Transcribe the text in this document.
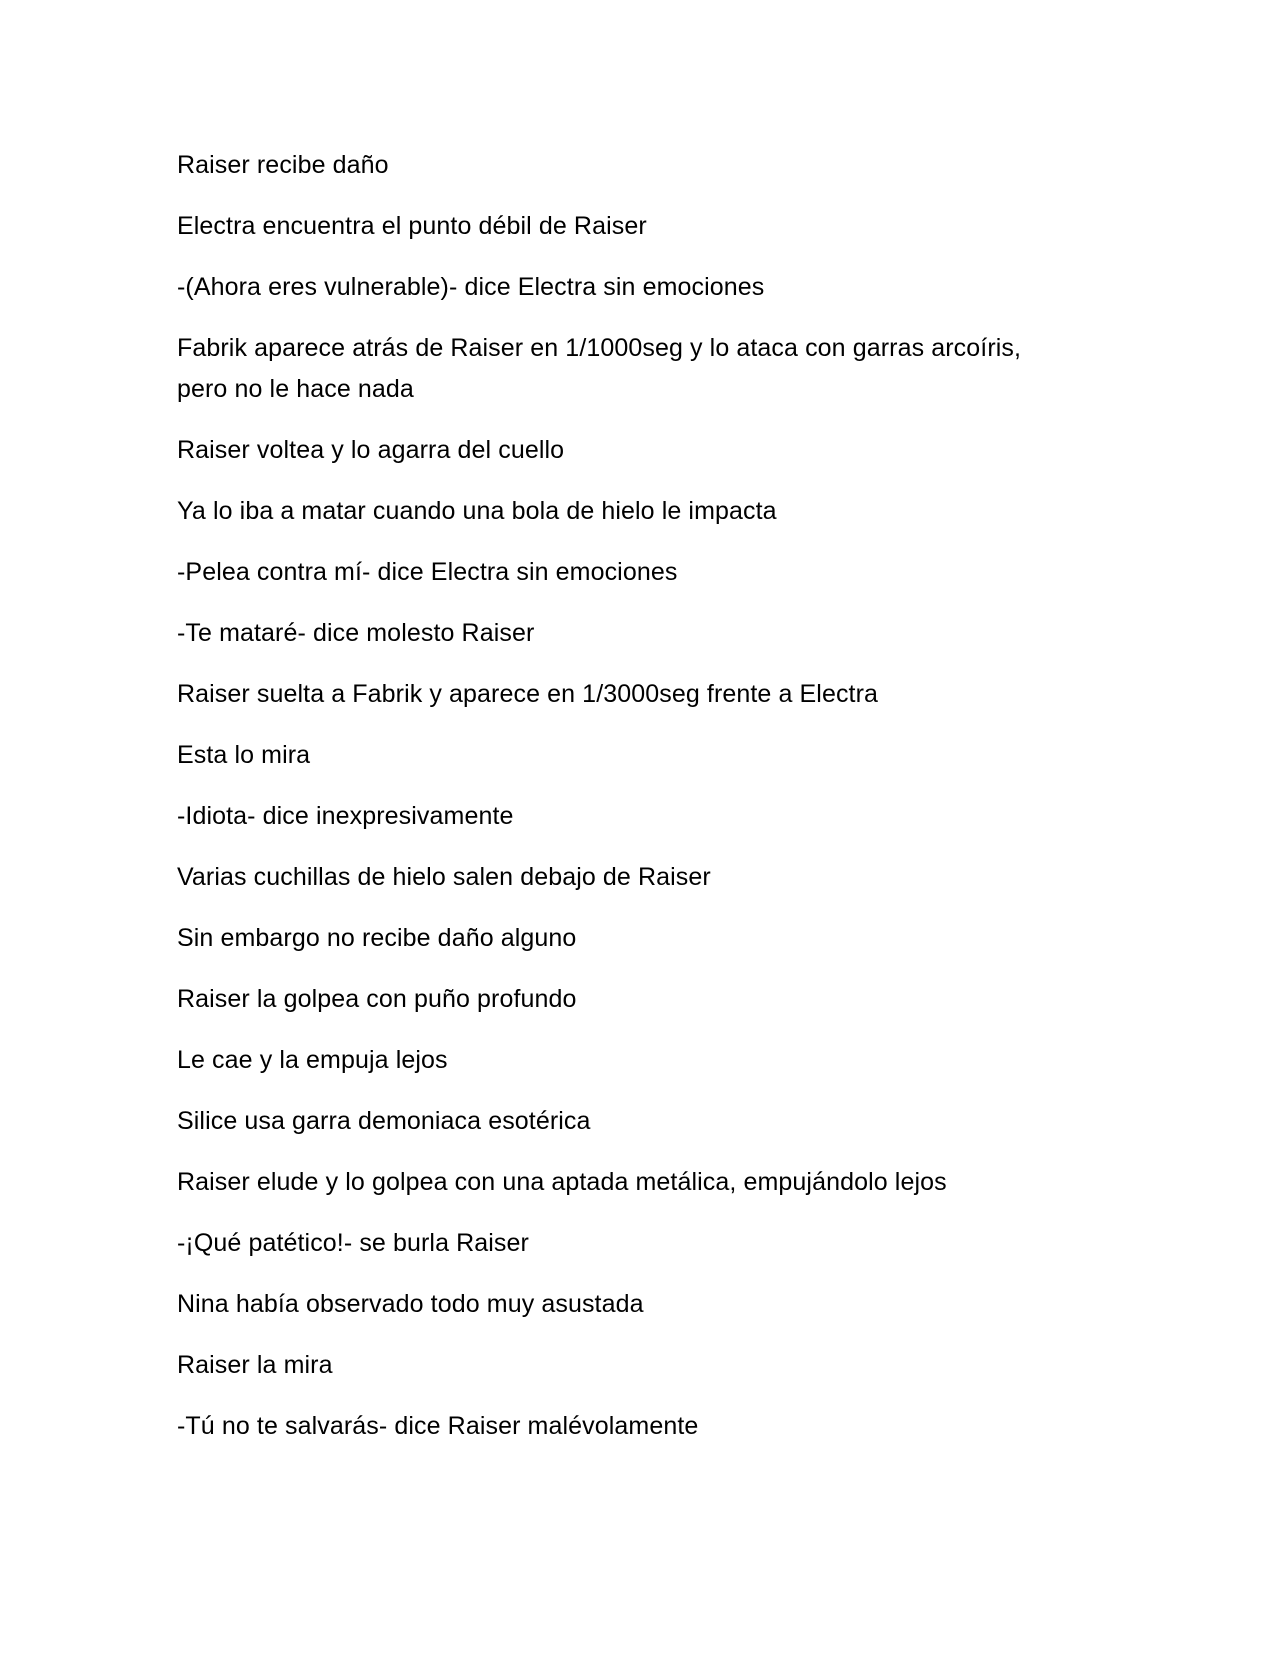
Raiser recibe daño

Electra encuentra el punto débil de Raiser

-(Ahora eres vulnerable)- dice Electra sin emociones

Fabrik aparece atrás de Raiser en 1/1000seg y lo ataca con garras arcoíris, pero no le hace nada

Raiser voltea y lo agarra del cuello

Ya lo iba a matar cuando una bola de hielo le impacta

-Pelea contra mí- dice Electra sin emociones

-Te mataré- dice molesto Raiser

Raiser suelta a Fabrik y aparece en 1/3000seg frente a Electra

Esta lo mira

-Idiota- dice inexpresivamente

Varias cuchillas de hielo salen debajo de Raiser

Sin embargo no recibe daño alguno

Raiser la golpea con puño profundo

Le cae y la empuja lejos

Silice usa garra demoniaca esotérica

Raiser elude y lo golpea con una aptada metálica, empujándolo lejos

-¡Qué patético!- se burla Raiser

Nina había observado todo muy asustada

Raiser la mira

-Tú no te salvarás- dice Raiser malévolamente
